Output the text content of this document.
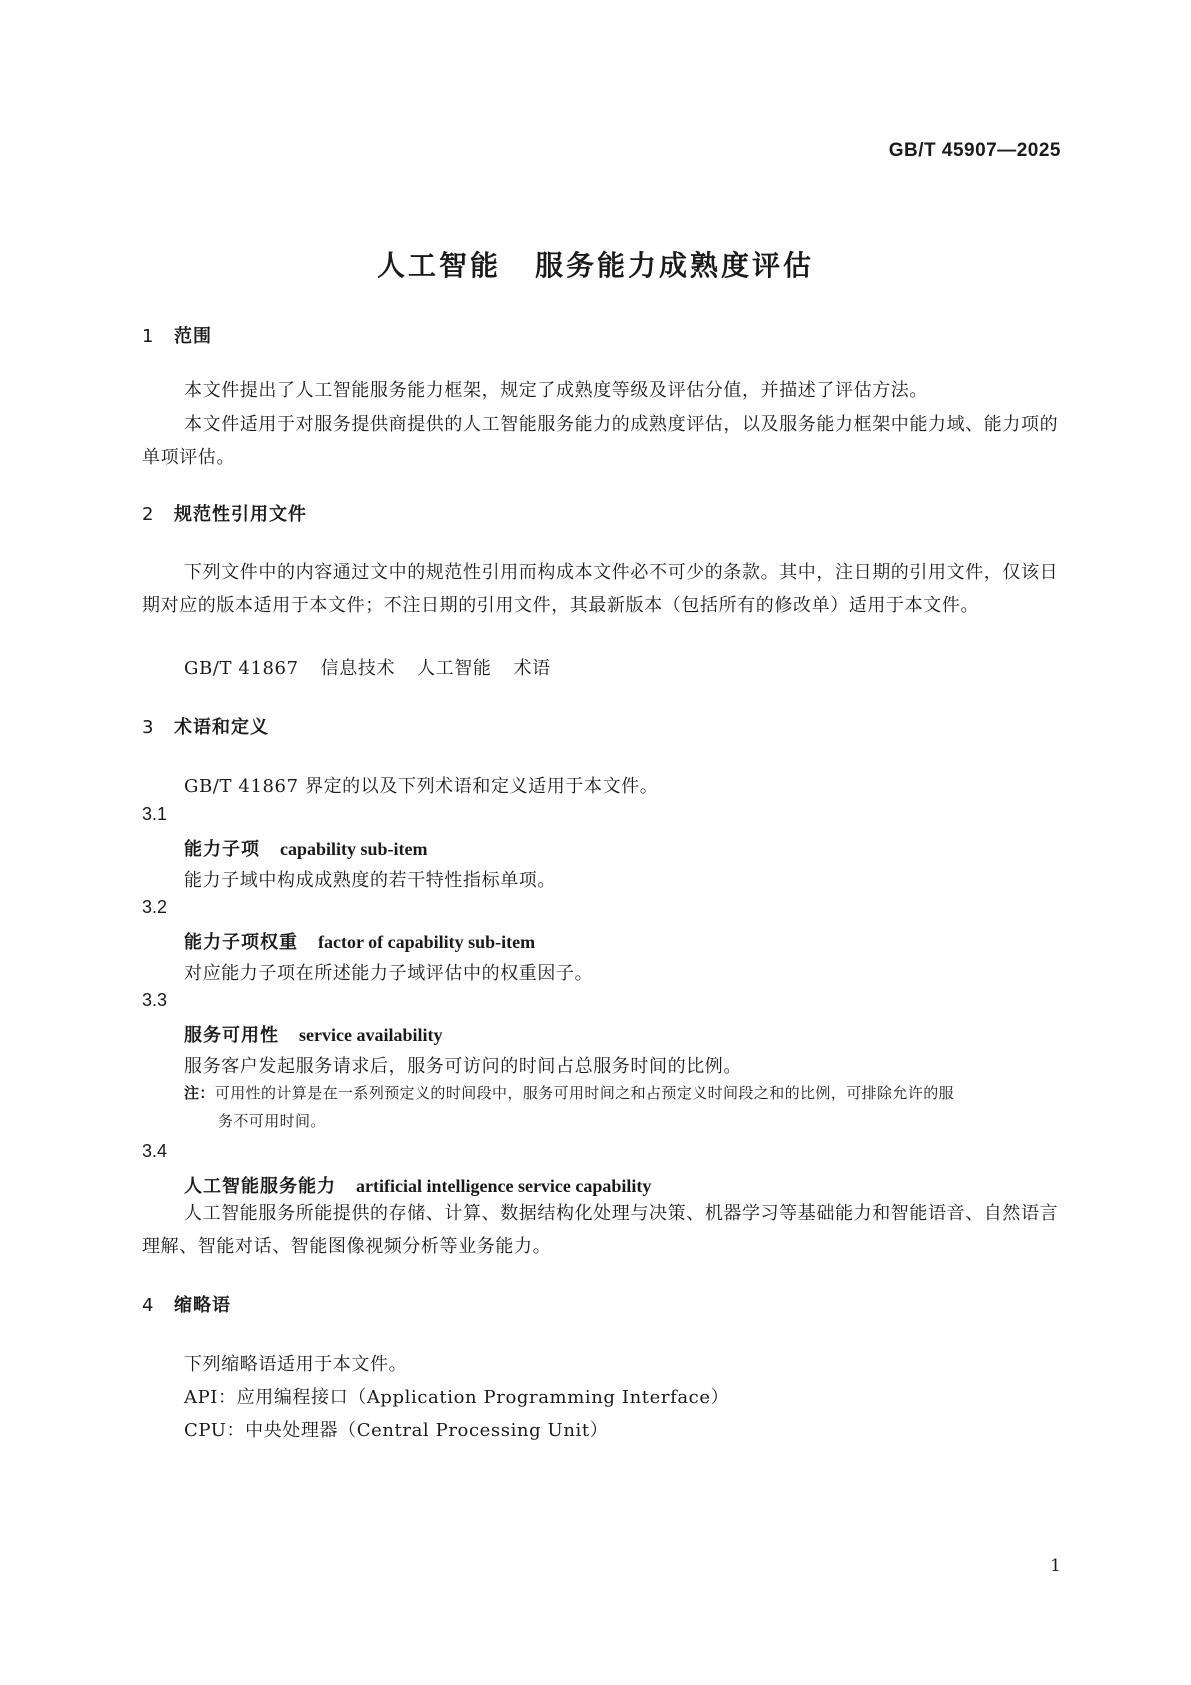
GB/T 45907—2025
人工智能 服务能力成熟度评估
1 范围
本文件提出了人工智能服务能力框架，规定了成熟度等级及评估分值，并描述了评估方法。
本文件适用于对服务提供商提供的人工智能服务能力的成熟度评估，以及服务能力框架中能力域、能力项的单项评估。
2 规范性引用文件
下列文件中的内容通过文中的规范性引用而构成本文件必不可少的条款。其中，注日期的引用文件，仅该日期对应的版本适用于本文件；不注日期的引用文件，其最新版本（包括所有的修改单）适用于本文件。
GB/T 41867 信息技术 人工智能 术语
3 术语和定义
GB/T 41867 界定的以及下列术语和定义适用于本文件。
3.1
能力子项 capability sub-item
能力子域中构成成熟度的若干特性指标单项。
3.2
能力子项权重 factor of capability sub-item
对应能力子项在所述能力子域评估中的权重因子。
3.3
服务可用性 service availability
服务客户发起服务请求后，服务可访问的时间占总服务时间的比例。
注：可用性的计算是在一系列预定义的时间段中，服务可用时间之和占预定义时间段之和的比例，可排除允许的服
务不可用时间。
3.4
人工智能服务能力 artificial intelligence service capability
人工智能服务所能提供的存储、计算、数据结构化处理与决策、机器学习等基础能力和智能语音、自然语言理解、智能对话、智能图像视频分析等业务能力。
4 缩略语
下列缩略语适用于本文件。
API：应用编程接口（Application Programming Interface）
CPU：中央处理器（Central Processing Unit）
1
